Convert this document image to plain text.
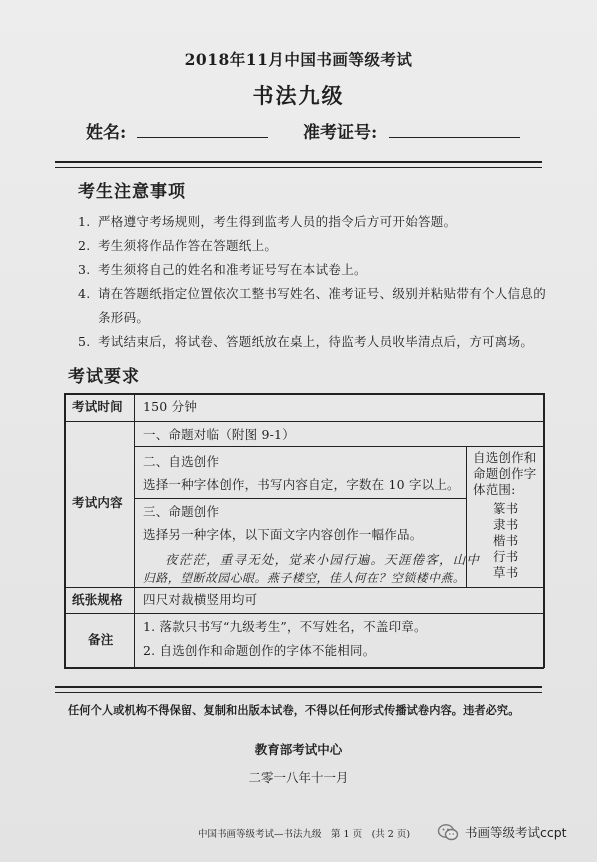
2018年11月中国书画等级考试
书法九级
姓名:	准考证号:
考生注意事项
1. 严格遵守考场规则，考生得到监考人员的指令后方可开始答题。
2. 考生须将作品作答在答题纸上。
3. 考生须将自己的姓名和准考证号写在本试卷上。
4. 请在答题纸指定位置依次工整书写姓名、准考证号、级别并粘贴带有个人信息的条形码。
5. 考试结束后，将试卷、答题纸放在桌上，待监考人员收毕清点后，方可离场。
考试要求
考试时间 150 分钟
考试内容
一、命题对临（附图 9-1）
二、自选创作
选择一种字体创作，书写内容自定，字数在 10 字以上。
三、命题创作
选择另一种字体，以下面文字内容创作一幅作品。
夜茫茫，重寻无处，觉来小园行遍。天涯倦客，山中
归路，望断故园心眼。燕子楼空，佳人何在？空锁楼中燕。
自选创作和
命题创作字
体范围:
篆书
隶书
楷书
行书
草书
纸张规格 四尺对裁横竖用均可
备注
1. 落款只书写“九级考生”，不写姓名，不盖印章。
2. 自选创作和命题创作的字体不能相同。
任何个人或机构不得保留、复制和出版本试卷，不得以任何形式传播试卷内容。违者必究。
教育部考试中心
二零一八年十一月
中国书画等级考试—书法九级　第 1 页　(共 2 页)	书画等级考试ccpt
